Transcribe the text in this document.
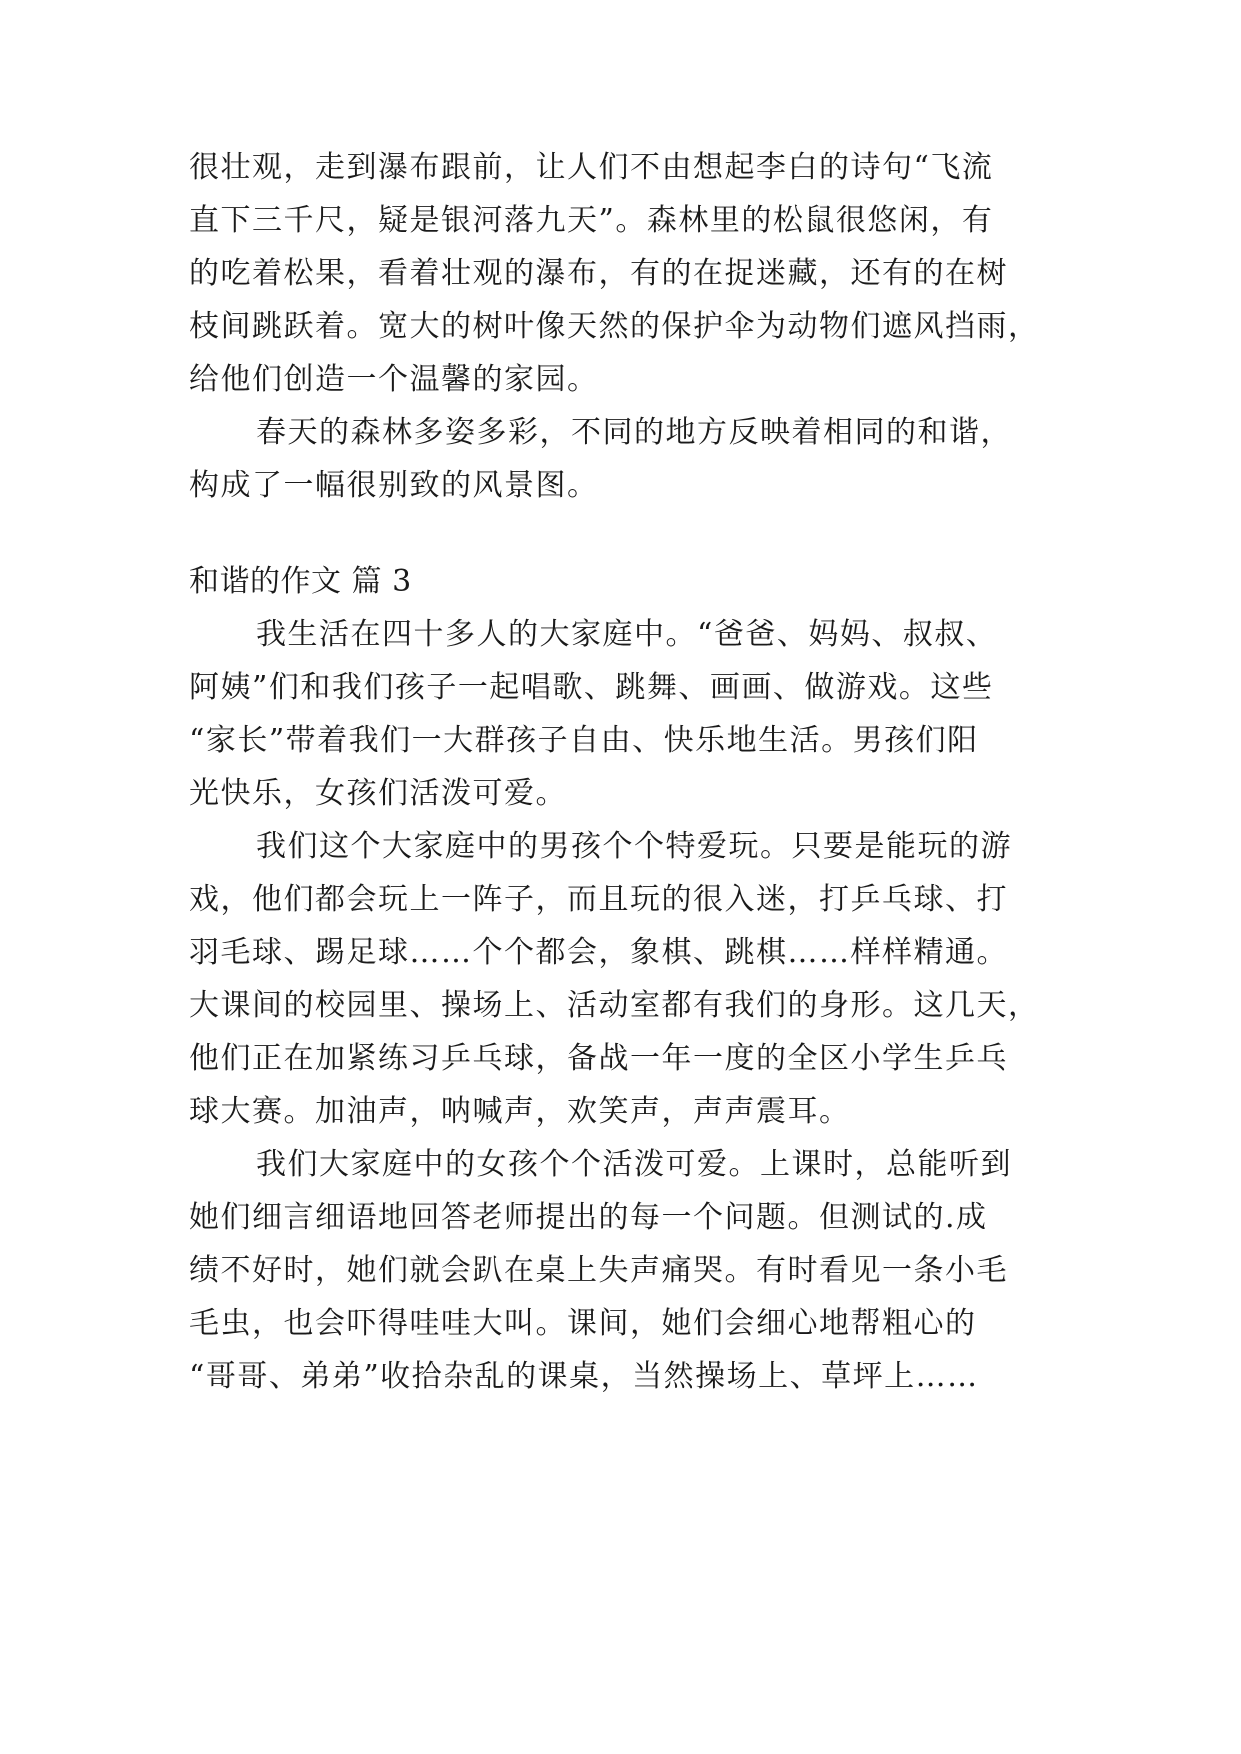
很壮观，走到瀑布跟前，让人们不由想起李白的诗句“飞流
直下三千尺，疑是银河落九天”。森林里的松鼠很悠闲，有
的吃着松果，看着壮观的瀑布，有的在捉迷藏，还有的在树
枝间跳跃着。宽大的树叶像天然的保护伞为动物们遮风挡雨，
给他们创造一个温馨的家园。
春天的森林多姿多彩，不同的地方反映着相同的和谐，
构成了一幅很别致的风景图。
和谐的作文 篇 3
我生活在四十多人的大家庭中。“爸爸、妈妈、叔叔、
阿姨”们和我们孩子一起唱歌、跳舞、画画、做游戏。这些
“家长”带着我们一大群孩子自由、快乐地生活。男孩们阳
光快乐，女孩们活泼可爱。
我们这个大家庭中的男孩个个特爱玩。只要是能玩的游
戏，他们都会玩上一阵子，而且玩的很入迷，打乒乓球、打
羽毛球、踢足球……个个都会，象棋、跳棋……样样精通。
大课间的校园里、操场上、活动室都有我们的身形。这几天，
他们正在加紧练习乒乓球，备战一年一度的全区小学生乒乓
球大赛。加油声，呐喊声，欢笑声，声声震耳。
我们大家庭中的女孩个个活泼可爱。上课时，总能听到
她们细言细语地回答老师提出的每一个问题。但测试的.成
绩不好时，她们就会趴在桌上失声痛哭。有时看见一条小毛
毛虫，也会吓得哇哇大叫。课间，她们会细心地帮粗心的
“哥哥、弟弟”收拾杂乱的课桌，当然操场上、草坪上……
